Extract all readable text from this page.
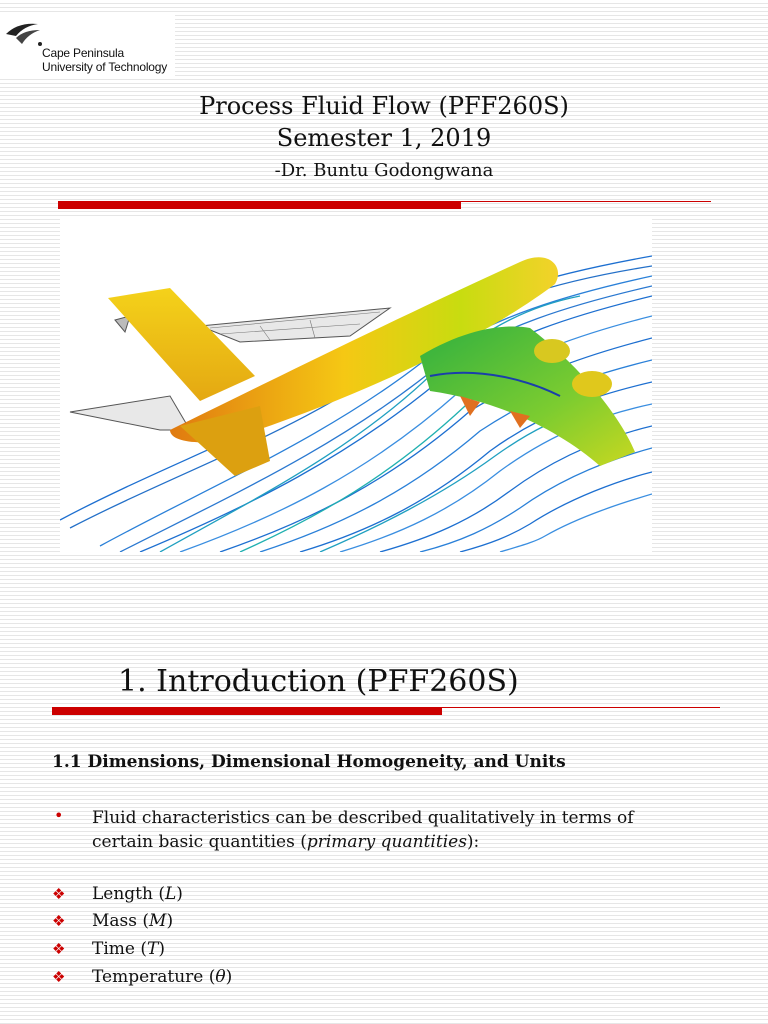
Cape Peninsula
University of Technology
Process Fluid Flow (PFF260S)
Semester 1, 2019
-Dr. Buntu Godongwana
1. Introduction (PFF260S)
1.1 Dimensions, Dimensional Homogeneity, and Units
• Fluid characteristics can be described qualitatively in terms of certain basic quantities (primary quantities):
❖ Length (L)
❖ Mass (M)
❖ Time (T)
❖ Temperature (θ)
